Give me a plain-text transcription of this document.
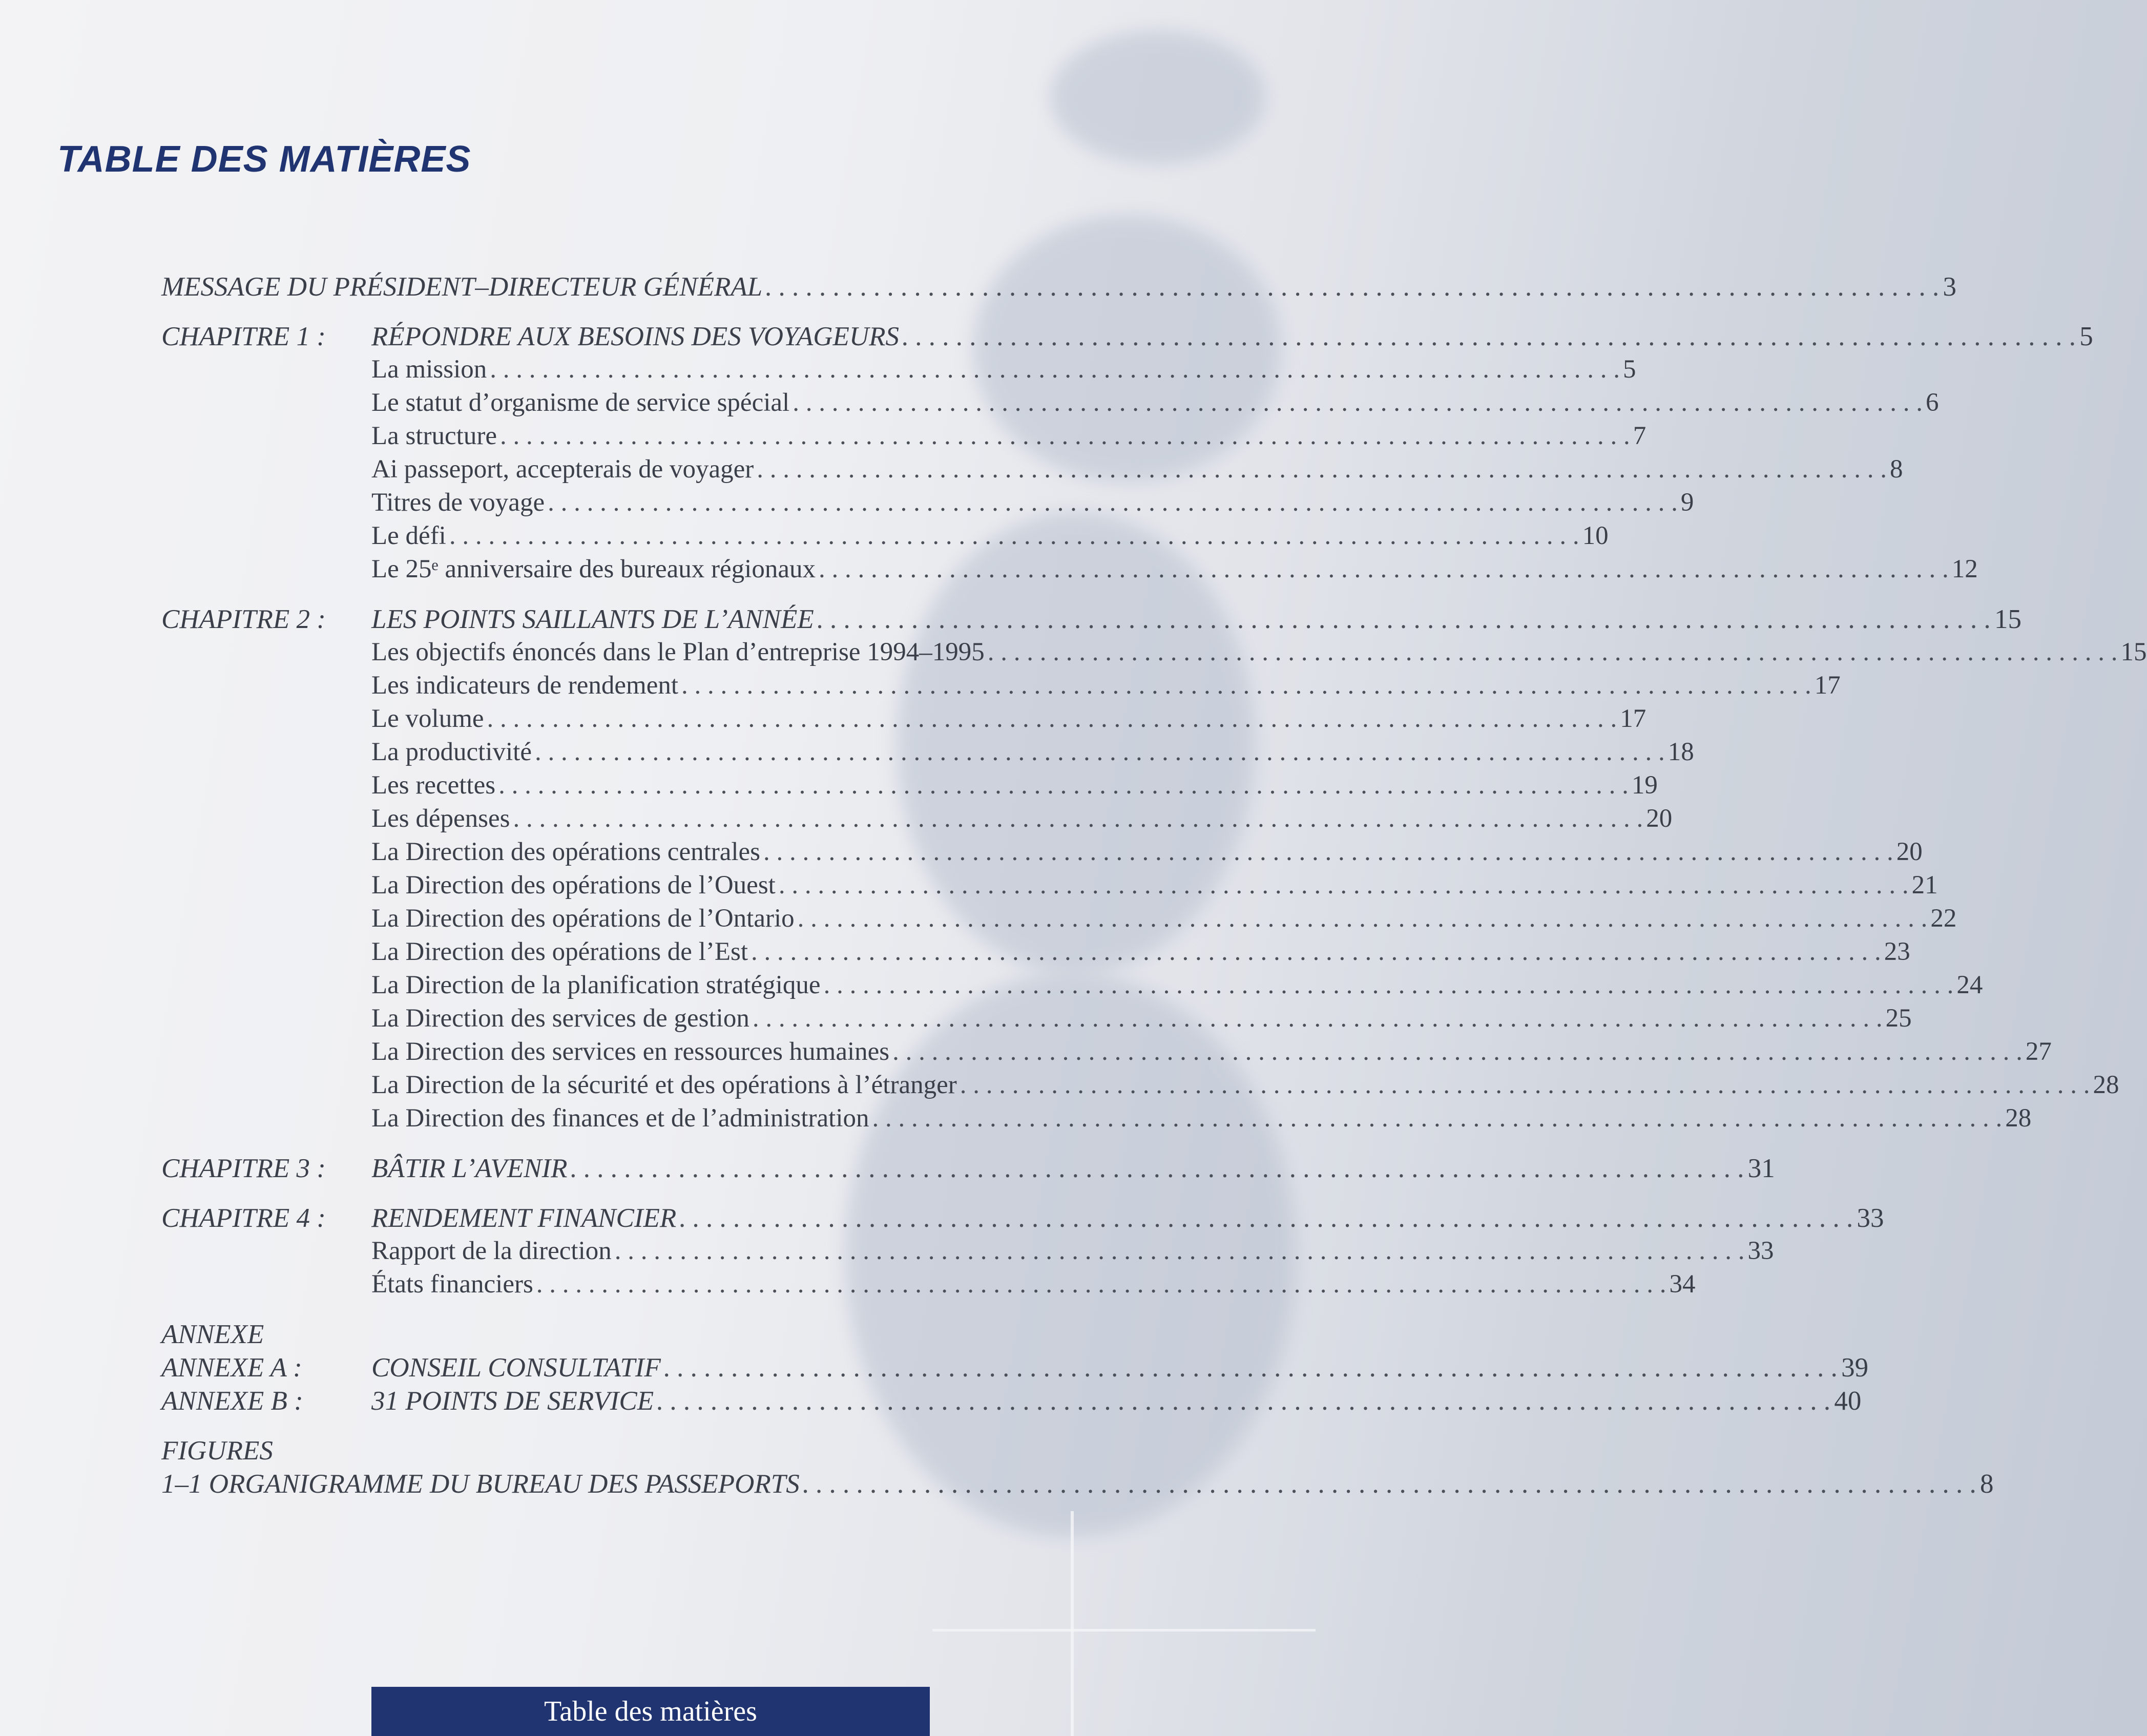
TABLE DES MATIÈRES
MESSAGE DU PRÉSIDENT–DIRECTEUR GÉNÉRAL . . .	3
CHAPITRE 1 :	RÉPONDRE AUX BESOINS DES VOYAGEURS . . .	5
La mission . . .	5
Le statut d’organisme de service spécial . . .	6
La structure . . .	7
Ai passeport, accepterais de voyager . . .	8
Titres de voyage . . .	9
Le défi . . .	10
Le 25ᵉ anniversaire des bureaux régionaux . . .	12
CHAPITRE 2 :	LES POINTS SAILLANTS DE L’ANNÉE . . .	15
Les objectifs énoncés dans le Plan d’entreprise 1994–1995 . . .	15
Les indicateurs de rendement . . .	17
Le volume . . .	17
La productivité . . .	18
Les recettes . . .	19
Les dépenses . . .	20
La Direction des opérations centrales . . .	20
La Direction des opérations de l’Ouest . . .	21
La Direction des opérations de l’Ontario . . .	22
La Direction des opérations de l’Est . . .	23
La Direction de la planification stratégique . . .	24
La Direction des services de gestion . . .	25
La Direction des services en ressources humaines . . .	27
La Direction de la sécurité et des opérations à l’étranger . . .	28
La Direction des finances et de l’administration . . .	28
CHAPITRE 3 :	BÂTIR L’AVENIR . . .	31
CHAPITRE 4 :	RENDEMENT FINANCIER . . .	33
Rapport de la direction . . .	33
États financiers . . .	34
ANNEXE
ANNEXE A :	CONSEIL CONSULTATIF . . .	39
ANNEXE B :	31 POINTS DE SERVICE . . .	40
FIGURES
1–1 ORGANIGRAMME DU BUREAU DES PASSEPORTS . . .	8
Table des matières
